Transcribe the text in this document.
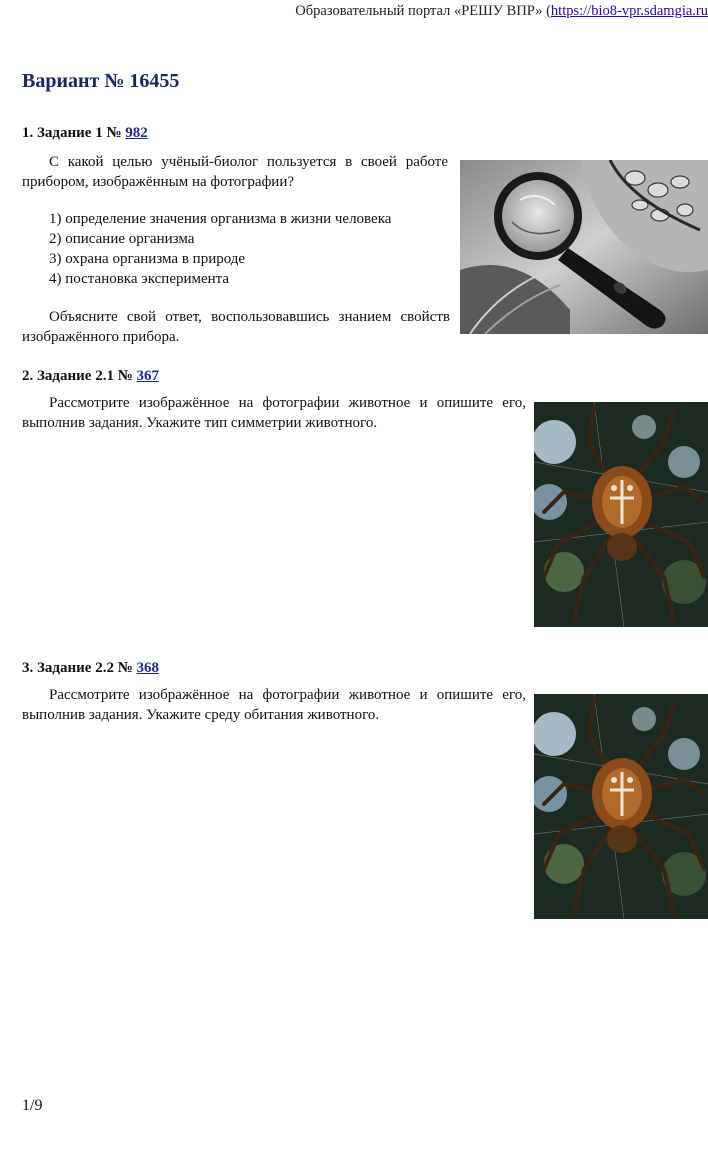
Образовательный портал «РЕШУ ВПР» (https://bio8-vpr.sdamgia.ru
Вариант № 16455

1. Задание 1 № 982

С какой целью учёный-биолог пользуется в своей работе прибором, изображённым на фотографии?

1) определение значения организма в жизни человека
2) описание организма
3) охрана организма в природе
4) постановка эксперимента

Объясните свой ответ, воспользовавшись знанием свойств изображённого прибора.

2. Задание 2.1 № 367

Рассмотрите изображённое на фотографии животное и опишите его, выполнив задания. Укажите тип симметрии животного.

3. Задание 2.2 № 368

Рассмотрите изображённое на фотографии животное и опишите его, выполнив задания. Укажите среду обитания животного.

1/9
